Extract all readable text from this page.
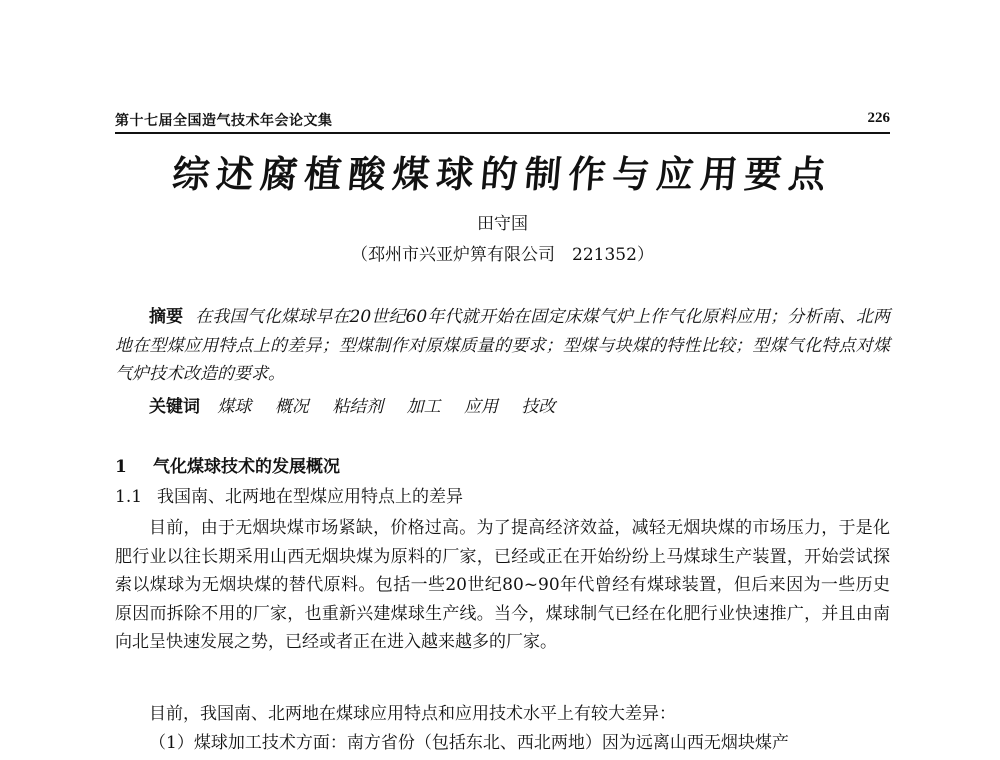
第十七届全国造气技术年会论文集	226
综述腐植酸煤球的制作与应用要点
田守国
（邳州市兴亚炉箅有限公司　221352）
摘要 在我国气化煤球早在20世纪60年代就开始在固定床煤气炉上作气化原料应用；分析南、北两地在型煤应用特点上的差异；型煤制作对原煤质量的要求；型煤与块煤的特性比较；型煤气化特点对煤气炉技术改造的要求。
关键词 煤球 概况 粘结剂 加工 应用 技改
1 气化煤球技术的发展概况
1.1 我国南、北两地在型煤应用特点上的差异
目前，由于无烟块煤市场紧缺，价格过高。为了提高经济效益，减轻无烟块煤的市场压力，于是化肥行业以往长期采用山西无烟块煤为原料的厂家，已经或正在开始纷纷上马煤球生产装置，开始尝试探索以煤球为无烟块煤的替代原料。包括一些20世纪80~90年代曾经有煤球装置，但后来因为一些历史原因而拆除不用的厂家，也重新兴建煤球生产线。当今，煤球制气已经在化肥行业快速推广，并且由南向北呈快速发展之势，已经或者正在进入越来越多的厂家。
目前，我国南、北两地在煤球应用特点和应用技术水平上有较大差异：
（1）煤球加工技术方面：南方省份（包括东北、西北两地）因为远离山西无烟块煤产
